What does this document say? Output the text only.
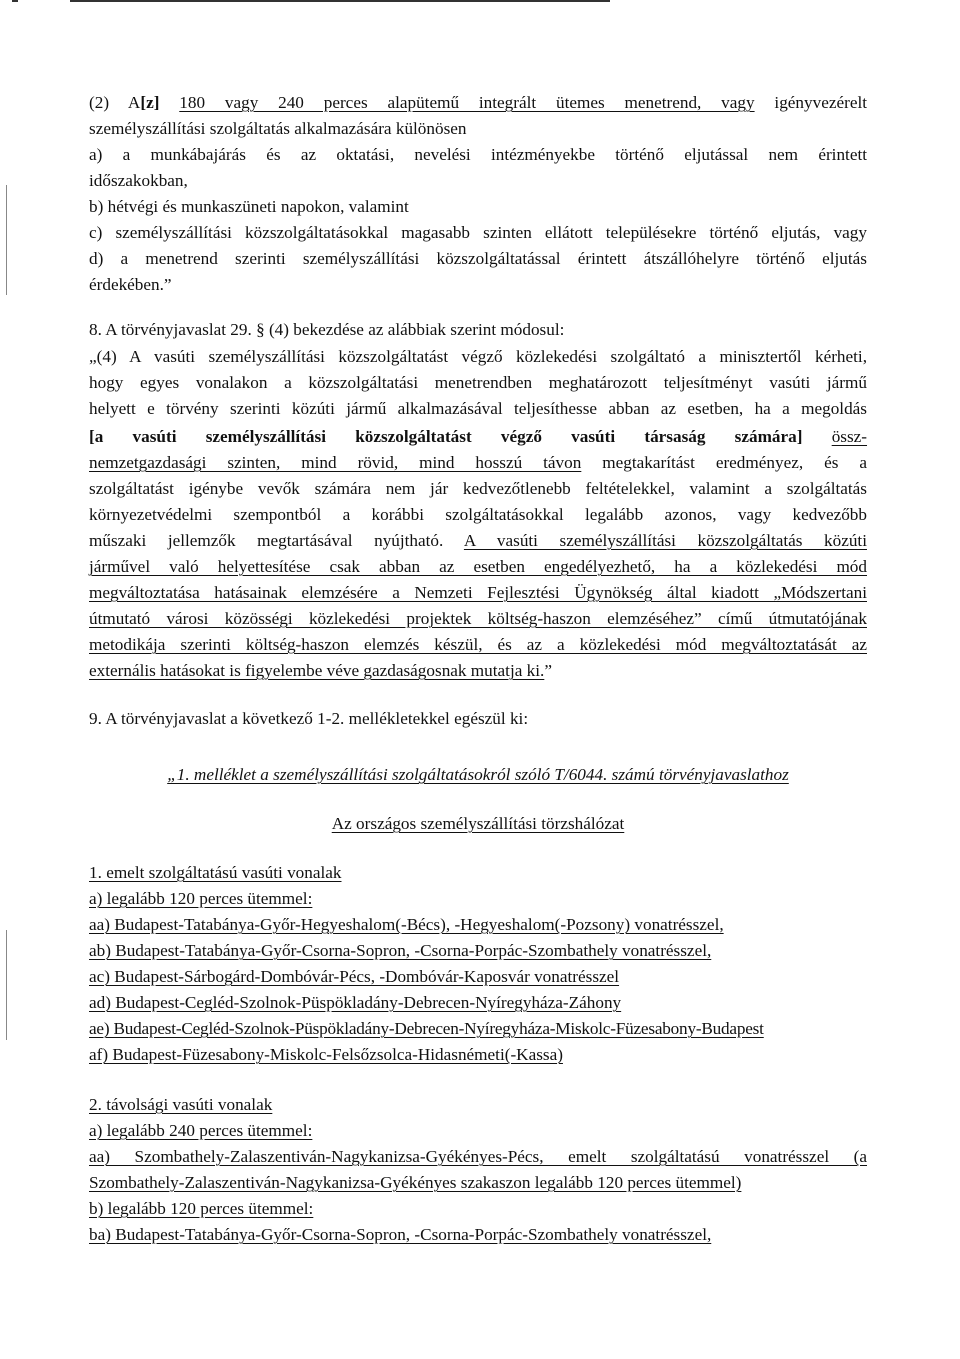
(2) A[z] 180 vagy 240 perces alapütemű integrált ütemes menetrend, vagy igényvezérelt
személyszállítási szolgáltatás alkalmazására különösen
a) a munkábajárás és az oktatási, nevelési intézményekbe történő eljutással nem érintett
időszakokban,
b) hétvégi és munkaszüneti napokon, valamint
c) személyszállítási közszolgáltatásokkal magasabb szinten ellátott településekre történő eljutás, vagy
d) a menetrend szerinti személyszállítási közszolgáltatással érintett átszállóhelyre történő eljutás
érdekében.”
8. A törvényjavaslat 29. § (4) bekezdése az alábbiak szerint módosul:
„(4) A vasúti személyszállítási közszolgáltatást végző közlekedési szolgáltató a minisztertől kérheti,
hogy egyes vonalakon a közszolgáltatási menetrendben meghatározott teljesítményt vasúti jármű
helyett e törvény szerinti közúti jármű alkalmazásával teljesíthesse abban az esetben, ha a megoldás
[a vasúti személyszállítási közszolgáltatást végző vasúti társaság számára] össz-
nemzetgazdasági szinten, mind rövid, mind hosszú távon megtakarítást eredményez, és a
szolgáltatást igénybe vevők számára nem jár kedvezőtlenebb feltételekkel, valamint a szolgáltatás
környezetvédelmi szempontból a korábbi szolgáltatásokkal legalább azonos, vagy kedvezőbb
műszaki jellemzők megtartásával nyújtható. A vasúti személyszállítási közszolgáltatás közúti
járművel való helyettesítése csak abban az esetben engedélyezhető, ha a közlekedési mód
megváltoztatása hatásainak elemzésére a Nemzeti Fejlesztési Ügynökség által kiadott „Módszertani
útmutató városi közösségi közlekedési projektek költség-haszon elemzéséhez” című útmutatójának
metodikája szerinti költség-haszon elemzés készül, és az a közlekedési mód megváltoztatását az
externális hatásokat is figyelembe véve gazdaságosnak mutatja ki.”
9. A törvényjavaslat a következő 1-2. mellékletekkel egészül ki:
„1. melléklet a személyszállítási szolgáltatásokról szóló T/6044. számú törvényjavaslathoz
Az országos személyszállítási törzshálózat
1. emelt szolgáltatású vasúti vonalak
a) legalább 120 perces ütemmel:
aa) Budapest-Tatabánya-Győr-Hegyeshalom(-Bécs), -Hegyeshalom(-Pozsony) vonatrésszel,
ab) Budapest-Tatabánya-Győr-Csorna-Sopron, -Csorna-Porpác-Szombathely vonatrésszel,
ac) Budapest-Sárbogárd-Dombóvár-Pécs, -Dombóvár-Kaposvár vonatrésszel
ad) Budapest-Cegléd-Szolnok-Püspökladány-Debrecen-Nyíregyháza-Záhony
ae) Budapest-Cegléd-Szolnok-Püspökladány-Debrecen-Nyíregyháza-Miskolc-Füzesabony-Budapest
af) Budapest-Füzesabony-Miskolc-Felsőzsolca-Hidasnémeti(-Kassa)
2. távolsági vasúti vonalak
a) legalább 240 perces ütemmel:
aa) Szombathely-Zalaszentiván-Nagykanizsa-Gyékényes-Pécs, emelt szolgáltatású vonatrésszel (a
Szombathely-Zalaszentiván-Nagykanizsa-Gyékényes szakaszon legalább 120 perces ütemmel)
b) legalább 120 perces ütemmel:
ba) Budapest-Tatabánya-Győr-Csorna-Sopron, -Csorna-Porpác-Szombathely vonatrésszel,
